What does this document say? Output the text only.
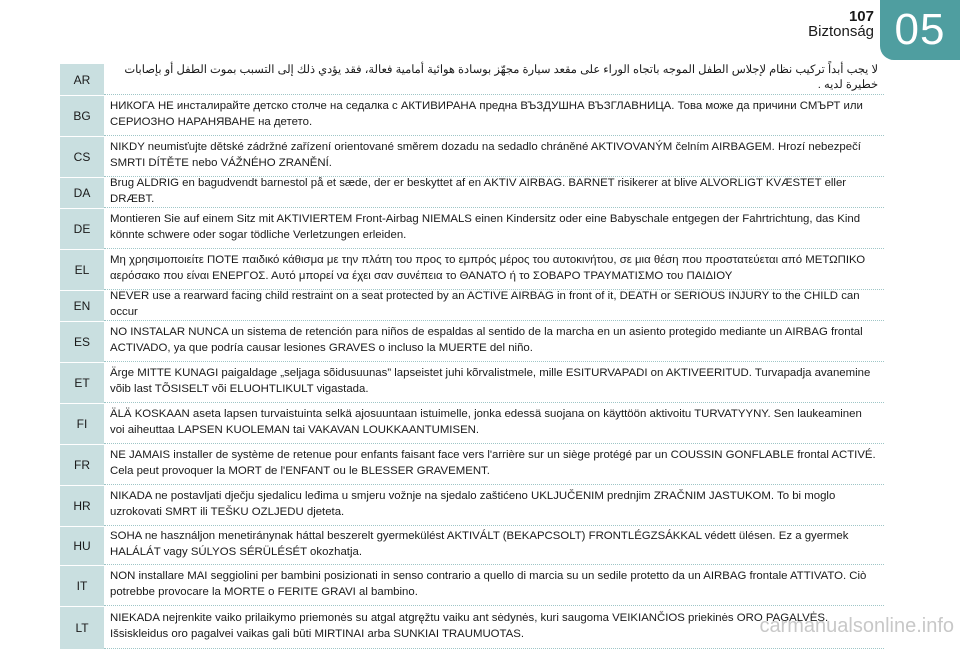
107
Biztonság 05
AR
لا يجب أبداً تركيب نظام لإجلاس الطفل الموجه باتجاه الوراء على مقعد سيارة مجهّز بوسادة هوائية أمامية فعالة، فقد يؤدي ذلك إلى التسبب بموت الطفل أو بإصابات خطيرة لديه .
BG
НИКОГА НЕ инсталирайте детско столче на седалка с АКТИВИРАНА предна ВЪЗДУШНА ВЪЗГЛАВНИЦА. Това може да причини СМЪРТ или СЕРИОЗНО НАРАНЯВАНЕ на детето.
CS
NIKDY neumisťujte dětské zádržné zařízení orientované směrem dozadu na sedadlo chráněné AKTIVOVANÝM čelním AIRBAGEM. Hrozí nebezpečí SMRTI DÍTĚTE nebo VÁŽNÉHO ZRANĚNÍ.
DA
Brug ALDRIG en bagudvendt barnestol på et sæde, der er beskyttet af en AKTIV AIRBAG. BARNET risikerer at blive ALVORLIGT KVÆSTET eller DRÆBT.
DE
Montieren Sie auf einem Sitz mit AKTIVIERTEM Front-Airbag NIEMALS einen Kindersitz oder eine Babyschale entgegen der Fahrtrichtung, das Kind könnte schwere oder sogar tödliche Verletzungen erleiden.
EL
Μη χρησιμοποιείτε ΠΟΤΕ παιδικό κάθισμα με την πλάτη του προς το εμπρός μέρος του αυτοκινήτου, σε μια θέση που προστατεύεται από ΜΕΤΩΠΙΚΟ αερόσακο που είναι ΕΝΕΡΓΟΣ. Αυτό μπορεί να έχει σαν συνέπεια το ΘΑΝΑΤΟ ή το ΣΟΒΑΡΟ ΤΡΑΥΜΑΤΙΣΜΟ του ΠΑΙΔΙΟΥ
EN
NEVER use a rearward facing child restraint on a seat protected by an ACTIVE AIRBAG in front of it, DEATH or SERIOUS INJURY to the CHILD can occur
ES
NO INSTALAR NUNCA un sistema de retención para niños de espaldas al sentido de la marcha en un asiento protegido mediante un AIRBAG frontal ACTIVADO, ya que podría causar lesiones GRAVES o incluso la MUERTE del niño.
ET
Ärge MITTE KUNAGI paigaldage „seljaga sõidusuunas” lapseistet juhi kõrvalistmele, mille ESITURVAPADI on AKTIVEERITUD. Turvapadja avanemine võib last TÕSISELT või ELUOHTLIKULT vigastada.
FI
ÄLÄ KOSKAAN aseta lapsen turvaistuinta selkä ajosuuntaan istuimelle, jonka edessä suojana on käyttöön aktivoitu TURVATYYNY. Sen laukeaminen voi aiheuttaa LAPSEN KUOLEMAN tai VAKAVAN LOUKKAANTUMISEN.
FR
NE JAMAIS installer de système de retenue pour enfants faisant face vers l'arrière sur un siège protégé par un COUSSIN GONFLABLE frontal ACTIVÉ. Cela peut provoquer la MORT de l'ENFANT ou le BLESSER GRAVEMENT.
HR
NIKADA ne postavljati dječju sjedalicu leđima u smjeru vožnje na sjedalo zaštićeno UKLJUČENIM prednjim ZRAČNIM JASTUKOM. To bi moglo uzrokovati SMRT ili TEŠKU OZLJEDU djeteta.
HU
SOHA ne használjon menetiránynak háttal beszerelt gyermekülést AKTIVÁLT (BEKAPCSOLT) FRONTLÉGZSÁKKAL védett ülésen. Ez a gyermek HALÁLÁT vagy SÚLYOS SÉRÜLÉSÉT okozhatja.
IT
NON installare MAI seggiolini per bambini posizionati in senso contrario a quello di marcia su un sedile protetto da un AIRBAG frontale ATTIVATO. Ciò potrebbe provocare la MORTE o FERITE GRAVI al bambino.
LT
NIEKADA nejrenkite vaiko prilaikymo priemonės su atgal atgręžtu vaiku ant sėdynės, kuri saugoma VEIKIANČIOS priekinės ORO PAGALVĖS. Išsiskleidus oro pagalvei vaikas gali būti MIRTINAI arba SUNKIAI TRAUMUOTAS.	carmanualsonline.info
